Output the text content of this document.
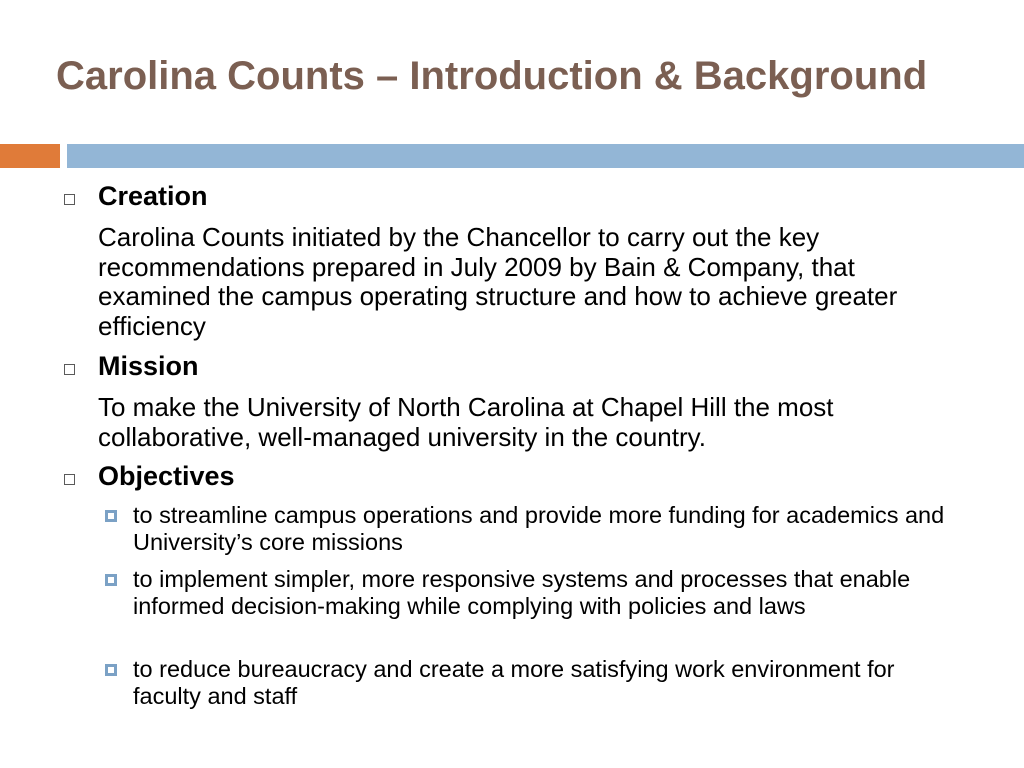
Carolina Counts – Introduction & Background
Creation
Carolina Counts initiated by the Chancellor to carry out the key recommendations prepared in July 2009 by Bain & Company, that examined the campus operating structure and how to achieve greater efficiency
Mission
To make the University of North Carolina at Chapel Hill the most collaborative, well-managed university in the country.
Objectives
to streamline campus operations and provide more funding for academics and University’s core missions
to implement simpler, more responsive systems and processes that enable informed decision-making while complying with policies and laws
to reduce bureaucracy and create a more satisfying work environment for faculty and staff
